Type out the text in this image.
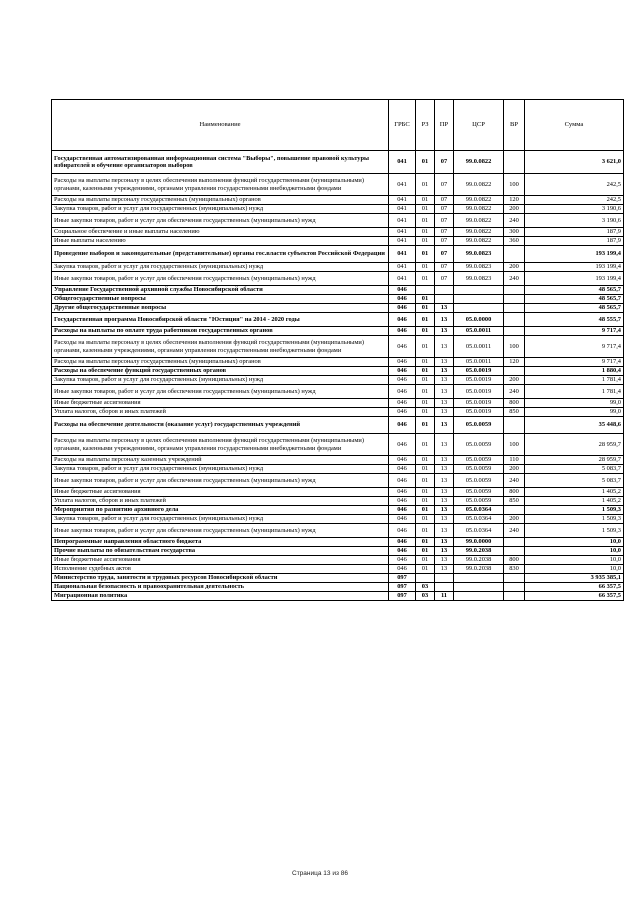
Наименование	ГРБС	РЗ	ПР	ЦСР	ВР	Сумма
Государственная автоматизированная информационная система "Выборы", повышение правовой культуры избирателей и обучение организаторов выборов	041	01	07	99.0.0822		3 621,0
Расходы на выплаты персоналу в целях обеспечения выполнения функций государственными (муниципальными) органами, казенными учреждениями, органами управления государственными внебюджетными фондами	041	01	07	99.0.0822	100	242,5
Расходы на выплаты персоналу государственных (муниципальных) органов	041	01	07	99.0.0822	120	242,5
Закупка товаров, работ и услуг для государственных (муниципальных) нужд	041	01	07	99.0.0822	200	3 190,6
Иные закупки товаров, работ и услуг для обеспечения государственных (муниципальных) нужд	041	01	07	99.0.0822	240	3 190,6
Социальное обеспечение и иные выплаты населению	041	01	07	99.0.0822	300	187,9
Иные выплаты населению	041	01	07	99.0.0822	360	187,9
Проведение выборов и законодательные (представительные) органы гос.власти субъектов Российской Федерации	041	01	07	99.0.0823		193 199,4
Закупка товаров, работ и услуг для государственных (муниципальных) нужд	041	01	07	99.0.0823	200	193 199,4
Иные закупки товаров, работ и услуг для обеспечения государственных (муниципальных) нужд	041	01	07	99.0.0823	240	193 199,4
Управление Государственной архивной службы Новосибирской области	046					48 565,7
Общегосударственные вопросы	046	01				48 565,7
Другие общегосударственные вопросы	046	01	13			48 565,7
Государственная программа Новосибирской области "Юстиция" на 2014 - 2020 годы	046	01	13	05.0.0000		48 555,7
Расходы на выплаты по оплате труда работников государственных органов	046	01	13	05.0.0011		9 717,4
Расходы на выплаты персоналу в целях обеспечения выполнения функций государственными (муниципальными) органами, казенными учреждениями, органами управления государственными внебюджетными фондами	046	01	13	05.0.0011	100	9 717,4
Расходы на выплаты персоналу государственных (муниципальных) органов	046	01	13	05.0.0011	120	9 717,4
Расходы на обеспечение функций государственных органов	046	01	13	05.0.0019		1 880,4
Закупка товаров, работ и услуг для государственных (муниципальных) нужд	046	01	13	05.0.0019	200	1 781,4
Иные закупки товаров, работ и услуг для обеспечения государственных (муниципальных) нужд	046	01	13	05.0.0019	240	1 781,4
Иные бюджетные ассигнования	046	01	13	05.0.0019	800	99,0
Уплата налогов, сборов и иных платежей	046	01	13	05.0.0019	850	99,0
Расходы на обеспечение деятельности (оказание услуг) государственных учреждений	046	01	13	05.0.0059		35 448,6
Расходы на выплаты персоналу в целях обеспечения выполнения функций государственными (муниципальными) органами, казенными учреждениями, органами управления государственными внебюджетными фондами	046	01	13	05.0.0059	100	28 959,7
Расходы на выплаты персоналу казенных учреждений	046	01	13	05.0.0059	110	28 959,7
Закупка товаров, работ и услуг для государственных (муниципальных) нужд	046	01	13	05.0.0059	200	5 083,7
Иные закупки товаров, работ и услуг для обеспечения государственных (муниципальных) нужд	046	01	13	05.0.0059	240	5 083,7
Иные бюджетные ассигнования	046	01	13	05.0.0059	800	1 405,2
Уплата налогов, сборов и иных платежей	046	01	13	05.0.0059	850	1 405,2
Мероприятия по развитию архивного дела	046	01	13	05.0.0364		1 509,3
Закупка товаров, работ и услуг для государственных (муниципальных) нужд	046	01	13	05.0.0364	200	1 509,3
Иные закупки товаров, работ и услуг для обеспечения государственных (муниципальных) нужд	046	01	13	05.0.0364	240	1 509,3
Непрограммные направления областного бюджета	046	01	13	99.0.0000		10,0
Прочие выплаты по обязательствам государства	046	01	13	99.0.2038		10,0
Иные бюджетные ассигнования	046	01	13	99.0.2038	800	10,0
Исполнение судебных актов	046	01	13	99.0.2038	830	10,0
Министерство труда, занятости и трудовых ресурсов Новосибирской области	097					3 935 385,1
Национальная безопасность и правоохранительная деятельность	097	03				66 357,5
Миграционная политика	097	03	11			66 357,5
Страница 13 из 86
